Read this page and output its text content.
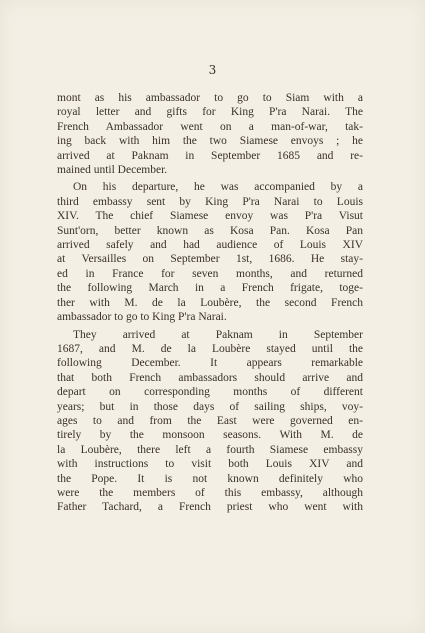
3
mont as his ambassador to go to Siam with a
royal letter and gifts for King P'ra Narai. The
French Ambassador went on a man-of-war, tak-
ing back with him the two Siamese envoys ; he
arrived at Paknam in September 1685 and re-
mained until December.
On his departure, he was accompanied by a
third embassy sent by King P'ra Narai to Louis
XIV. The chief Siamese envoy was P'ra Visut
Sunt'orn, better known as Kosa Pan. Kosa Pan
arrived safely and had audience of Louis XIV
at Versailles on September 1st, 1686. He stay-
ed in France for seven months, and returned
the following March in a French frigate, toge-
ther with M. de la Loubère, the second French
ambassador to go to King P'ra Narai.
They arrived at Paknam in September
1687, and M. de la Loubère stayed until the
following December. It appears remarkable
that both French ambassadors should arrive and
depart on corresponding months of different
years; but in those days of sailing ships, voy-
ages to and from the East were governed en-
tirely by the monsoon seasons. With M. de
la Loubère, there left a fourth Siamese embassy
with instructions to visit both Louis XIV and
the Pope. It is not known definitely who
were the members of this embassy, although
Father Tachard, a French priest who went with
